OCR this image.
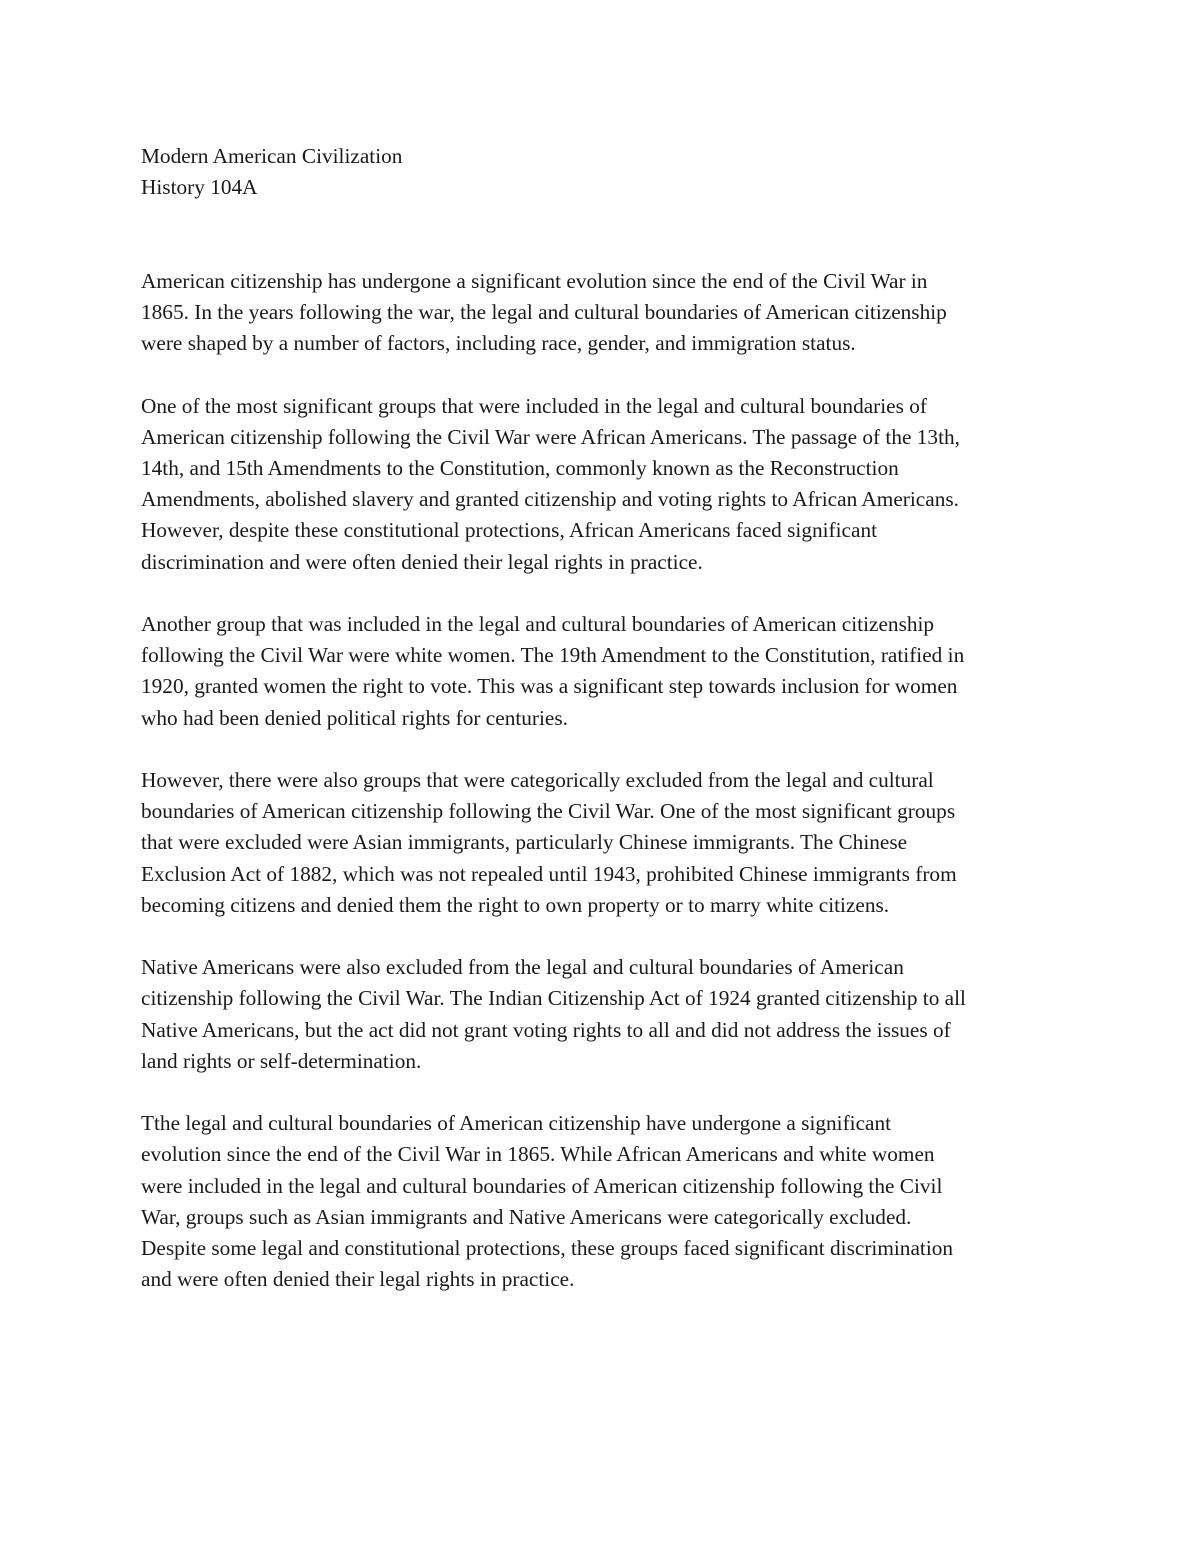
Modern American Civilization

History 104A

American citizenship has undergone a significant evolution since the end of the Civil War in
1865. In the years following the war, the legal and cultural boundaries of American citizenship
were shaped by a number of factors, including race, gender, and immigration status.

One of the most significant groups that were included in the legal and cultural boundaries of
American citizenship following the Civil War were African Americans. The passage of the 13th,
14th, and 15th Amendments to the Constitution, commonly known as the Reconstruction
Amendments, abolished slavery and granted citizenship and voting rights to African Americans.
However, despite these constitutional protections, African Americans faced significant
discrimination and were often denied their legal rights in practice.

Another group that was included in the legal and cultural boundaries of American citizenship
following the Civil War were white women. The 19th Amendment to the Constitution, ratified in
1920, granted women the right to vote. This was a significant step towards inclusion for women
who had been denied political rights for centuries.

However, there were also groups that were categorically excluded from the legal and cultural
boundaries of American citizenship following the Civil War. One of the most significant groups
that were excluded were Asian immigrants, particularly Chinese immigrants. The Chinese
Exclusion Act of 1882, which was not repealed until 1943, prohibited Chinese immigrants from
becoming citizens and denied them the right to own property or to marry white citizens.

Native Americans were also excluded from the legal and cultural boundaries of American
citizenship following the Civil War. The Indian Citizenship Act of 1924 granted citizenship to all
Native Americans, but the act did not grant voting rights to all and did not address the issues of
land rights or self-determination.

Tthe legal and cultural boundaries of American citizenship have undergone a significant
evolution since the end of the Civil War in 1865. While African Americans and white women
were included in the legal and cultural boundaries of American citizenship following the Civil
War, groups such as Asian immigrants and Native Americans were categorically excluded.
Despite some legal and constitutional protections, these groups faced significant discrimination
and were often denied their legal rights in practice.
